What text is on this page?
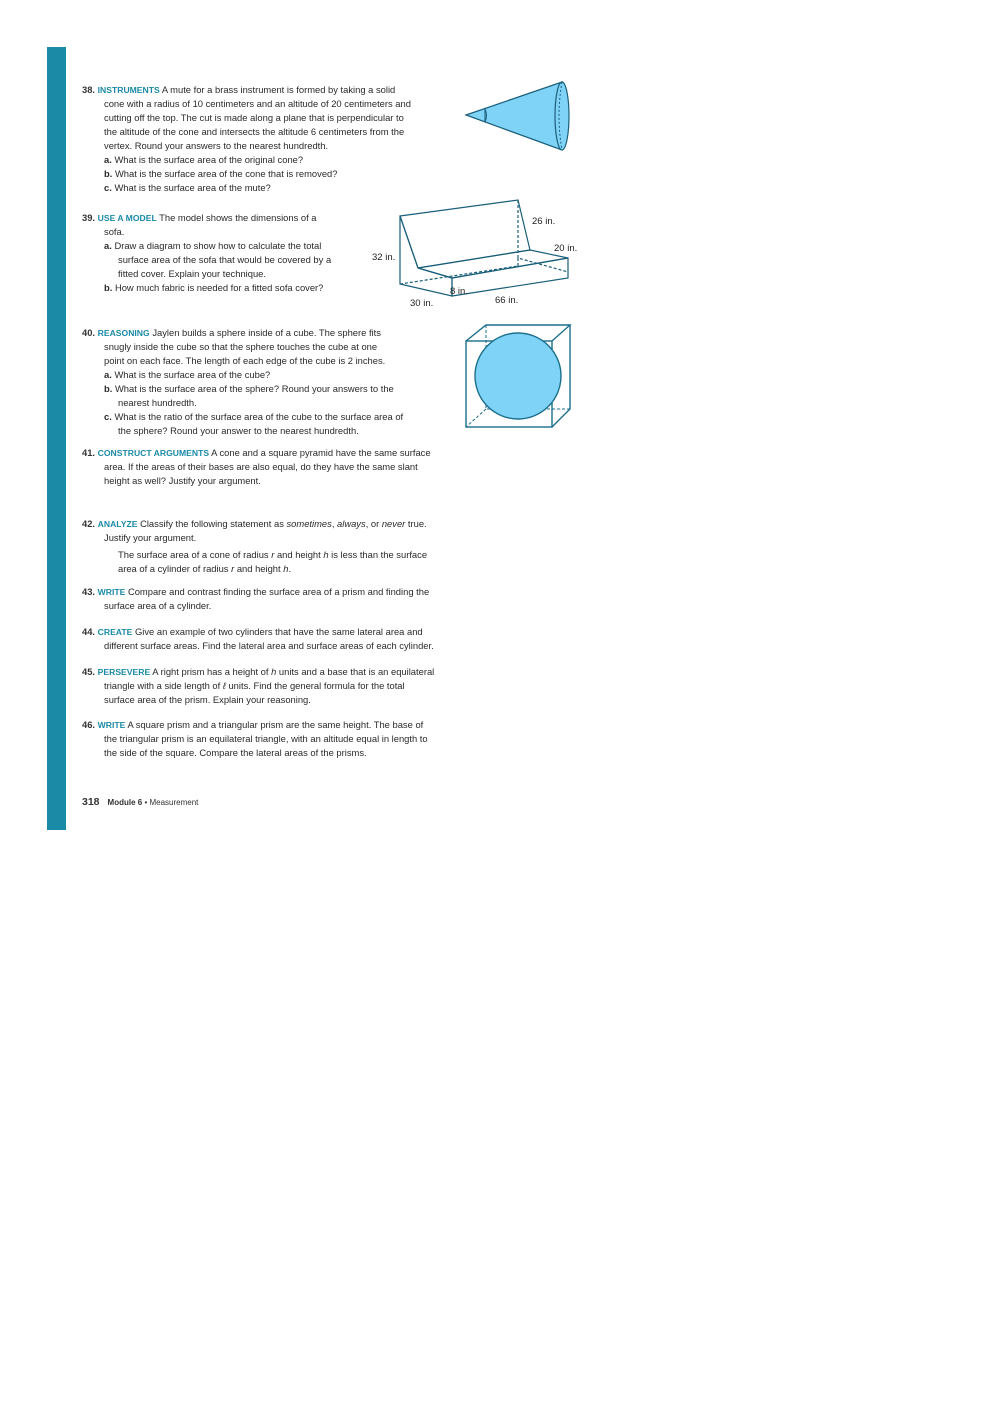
38. INSTRUMENTS A mute for a brass instrument is formed by taking a solid

cone with a radius of 10 centimeters and an altitude of 20 centimeters and

cutting off the top. The cut is made along a plane that is perpendicular to

the altitude of the cone and intersects the altitude 6 centimeters from the

vertex. Round your answers to the nearest hundredth.

a. What is the surface area of the original cone?

b. What is the surface area of the cone that is removed?

c. What is the surface area of the mute?

39. USE A MODEL The model shows the dimensions of a

sofa.

a. Draw a diagram to show how to calculate the total

surface area of the sofa that would be covered by a

fitted cover. Explain your technique.

b. How much fabric is needed for a fitted sofa cover?

26 in.
20 in.
32 in.
8 in.
30 in.	66 in.

40. REASONING Jaylen builds a sphere inside of a cube. The sphere fits

snugly inside the cube so that the sphere touches the cube at one

point on each face. The length of each edge of the cube is 2 inches.

a. What is the surface area of the cube?

b. What is the surface area of the sphere? Round your answers to the

nearest hundredth.

c. What is the ratio of the surface area of the cube to the surface area of

the sphere? Round your answer to the nearest hundredth.

41. CONSTRUCT ARGUMENTS A cone and a square pyramid have the same surface

area. If the areas of their bases are also equal, do they have the same slant

height as well? Justify your argument.

42. ANALYZE Classify the following statement as sometimes, always, or never true.

Justify your argument.

The surface area of a cone of radius r and height h is less than the surface

area of a cylinder of radius r and height h.

43. WRITE Compare and contrast finding the surface area of a prism and finding the

surface area of a cylinder.

44. CREATE Give an example of two cylinders that have the same lateral area and

different surface areas. Find the lateral area and surface areas of each cylinder.

45. PERSEVERE A right prism has a height of h units and a base that is an equilateral

triangle with a side length of ℓ units. Find the general formula for the total

surface area of the prism. Explain your reasoning.

46. WRITE A square prism and a triangular prism are the same height. The base of

the triangular prism is an equilateral triangle, with an altitude equal in length to

the side of the square. Compare the lateral areas of the prisms.

318 Module 6 • Measurement
